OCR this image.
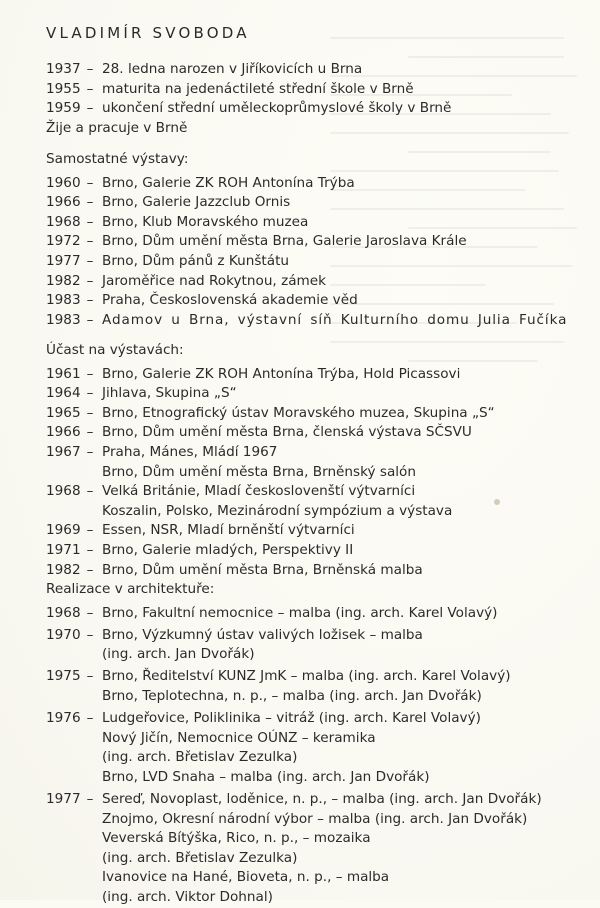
VLADIMÍR SVOBODA
1937 – 28. ledna narozen v Jiříkovicích u Brna
1955 – maturita na jedenáctileté střední škole v Brně
1959 – ukončení střední uměleckoprůmyslové školy v Brně
Žije a pracuje v Brně
Samostatné výstavy:
1960 – Brno, Galerie ZK ROH Antonína Trýba
1966 – Brno, Galerie Jazzclub Ornis
1968 – Brno, Klub Moravského muzea
1972 – Brno, Dům umění města Brna, Galerie Jaroslava Krále
1977 – Brno, Dům pánů z Kunštátu
1982 – Jaroměřice nad Rokytnou, zámek
1983 – Praha, Československá akademie věd
1983 – Adamov u Brna, výstavní síň Kulturního domu Julia Fučíka
Účast na výstavách:
1961 – Brno, Galerie ZK ROH Antonína Trýba, Hold Picassovi
1964 – Jihlava, Skupina „S“
1965 – Brno, Etnografický ústav Moravského muzea, Skupina „S“
1966 – Brno, Dům umění města Brna, členská výstava SČSVU
1967 – Praha, Mánes, Mládí 1967
Brno, Dům umění města Brna, Brněnský salón
1968 – Velká Británie, Mladí českoslovenští výtvarníci
Koszalin, Polsko, Mezinárodní sympózium a výstava
1969 – Essen, NSR, Mladí brněnští výtvarníci
1971 – Brno, Galerie mladých, Perspektivy II
1982 – Brno, Dům umění města Brna, Brněnská malba
Realizace v architektuře:
1968 – Brno, Fakultní nemocnice – malba (ing. arch. Karel Volavý)
1970 – Brno, Výzkumný ústav valivých ložisek – malba
(ing. arch. Jan Dvořák)
1975 – Brno, Ředitelství KUNZ JmK – malba (ing. arch. Karel Volavý)
Brno, Teplotechna, n. p., – malba (ing. arch. Jan Dvořák)
1976 – Ludgeřovice, Poliklinika – vitráž (ing. arch. Karel Volavý)
Nový Jičín, Nemocnice OÚNZ – keramika
(ing. arch. Břetislav Zezulka)
Brno, LVD Snaha – malba (ing. arch. Jan Dvořák)
1977 – Sereď, Novoplast, loděnice, n. p., – malba (ing. arch. Jan Dvořák)
Znojmo, Okresní národní výbor – malba (ing. arch. Jan Dvořák)
Veverská Bítýška, Rico, n. p., – mozaika
(ing. arch. Břetislav Zezulka)
Ivanovice na Hané, Bioveta, n. p., – malba
(ing. arch. Viktor Dohnal)
